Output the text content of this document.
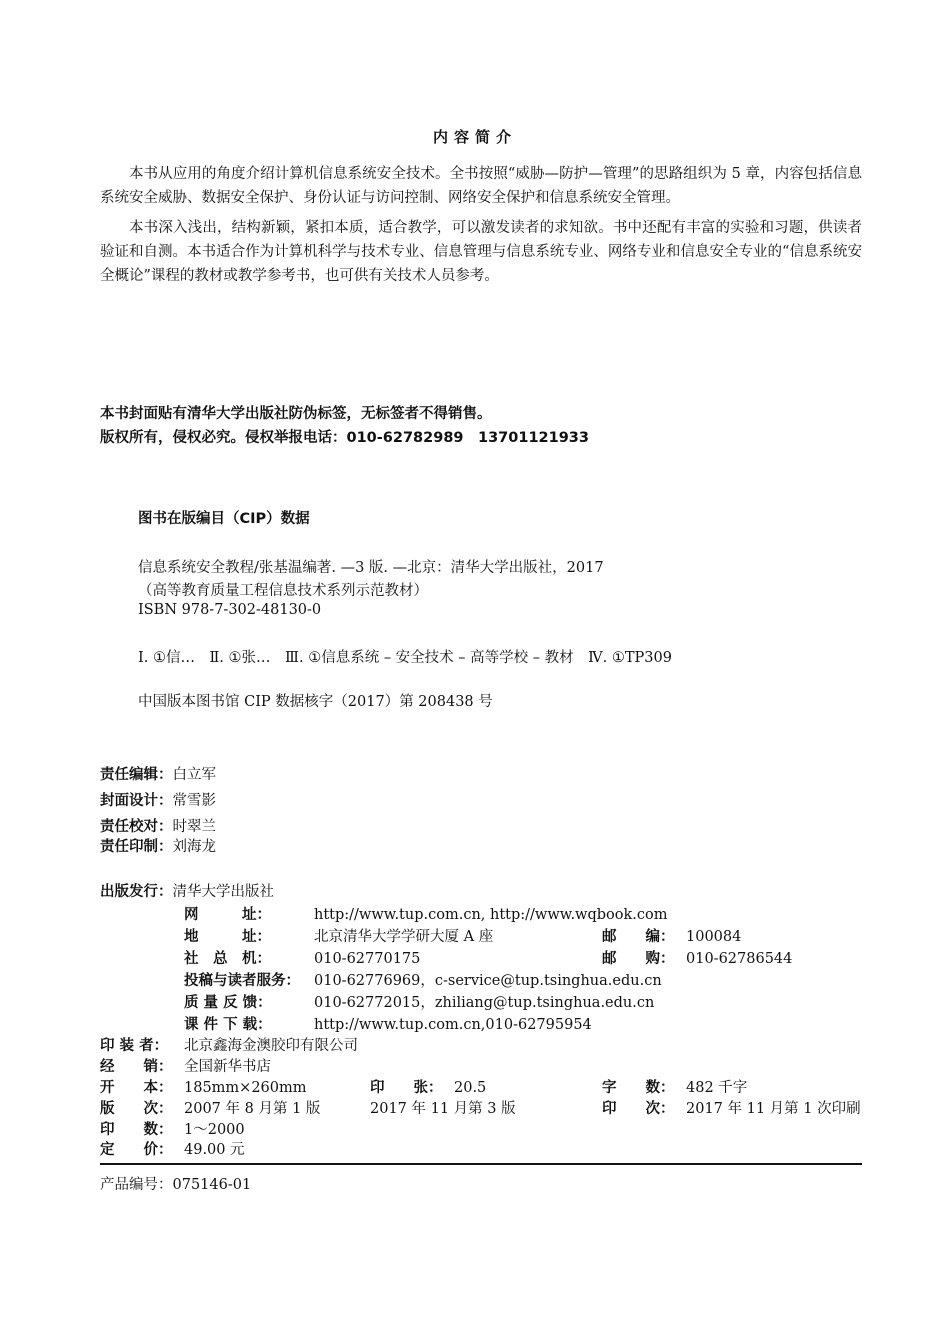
内容简介
本书从应用的角度介绍计算机信息系统安全技术。全书按照“威胁—防护—管理”的思路组织为 5 章，内容包括信息系统安全威胁、数据安全保护、身份认证与访问控制、网络安全保护和信息系统安全管理。
本书深入浅出，结构新颖，紧扣本质，适合教学，可以激发读者的求知欲。书中还配有丰富的实验和习题，供读者验证和自测。本书适合作为计算机科学与技术专业、信息管理与信息系统专业、网络专业和信息安全专业的“信息系统安全概论”课程的教材或教学参考书，也可供有关技术人员参考。
本书封面贴有清华大学出版社防伪标签，无标签者不得销售。
版权所有，侵权必究。侵权举报电话：010-62782989　13701121933
图书在版编目（CIP）数据
信息系统安全教程/张基温编著. —3 版. —北京：清华大学出版社，2017
（高等教育质量工程信息技术系列示范教材）
ISBN 978-7-302-48130-0
Ⅰ. ①信…　Ⅱ. ①张…　Ⅲ. ①信息系统 – 安全技术 – 高等学校 – 教材　Ⅳ. ①TP309
中国版本图书馆 CIP 数据核字（2017）第 208438 号
责任编辑：白立军
封面设计：常雪影
责任校对：时翠兰
责任印制：刘海龙
出版发行：清华大学出版社
网　　　址：	http://www.tup.com.cn, http://www.wqbook.com
地　　　址：	北京清华大学学研大厦 A 座	邮　　编： 100084
社　总　机：	010-62770175	邮　　购： 010-62786544
投稿与读者服务： 010-62776969，c-service@tup.tsinghua.edu.cn
质 量 反 馈：	010-62772015，zhiliang@tup.tsinghua.edu.cn
课 件 下 载：	http://www.tup.com.cn,010-62795954
印 装 者： 北京鑫海金澳胶印有限公司
经　　销： 全国新华书店
开　　本： 185mm×260mm	印　　张： 20.5	字　　数： 482 千字
版　　次： 2007 年 8 月第 1 版	2017 年 11 月第 3 版	印　　次： 2017 年 11 月第 1 次印刷
印　　数： 1～2000
定　　价： 49.00 元
产品编号：075146-01
